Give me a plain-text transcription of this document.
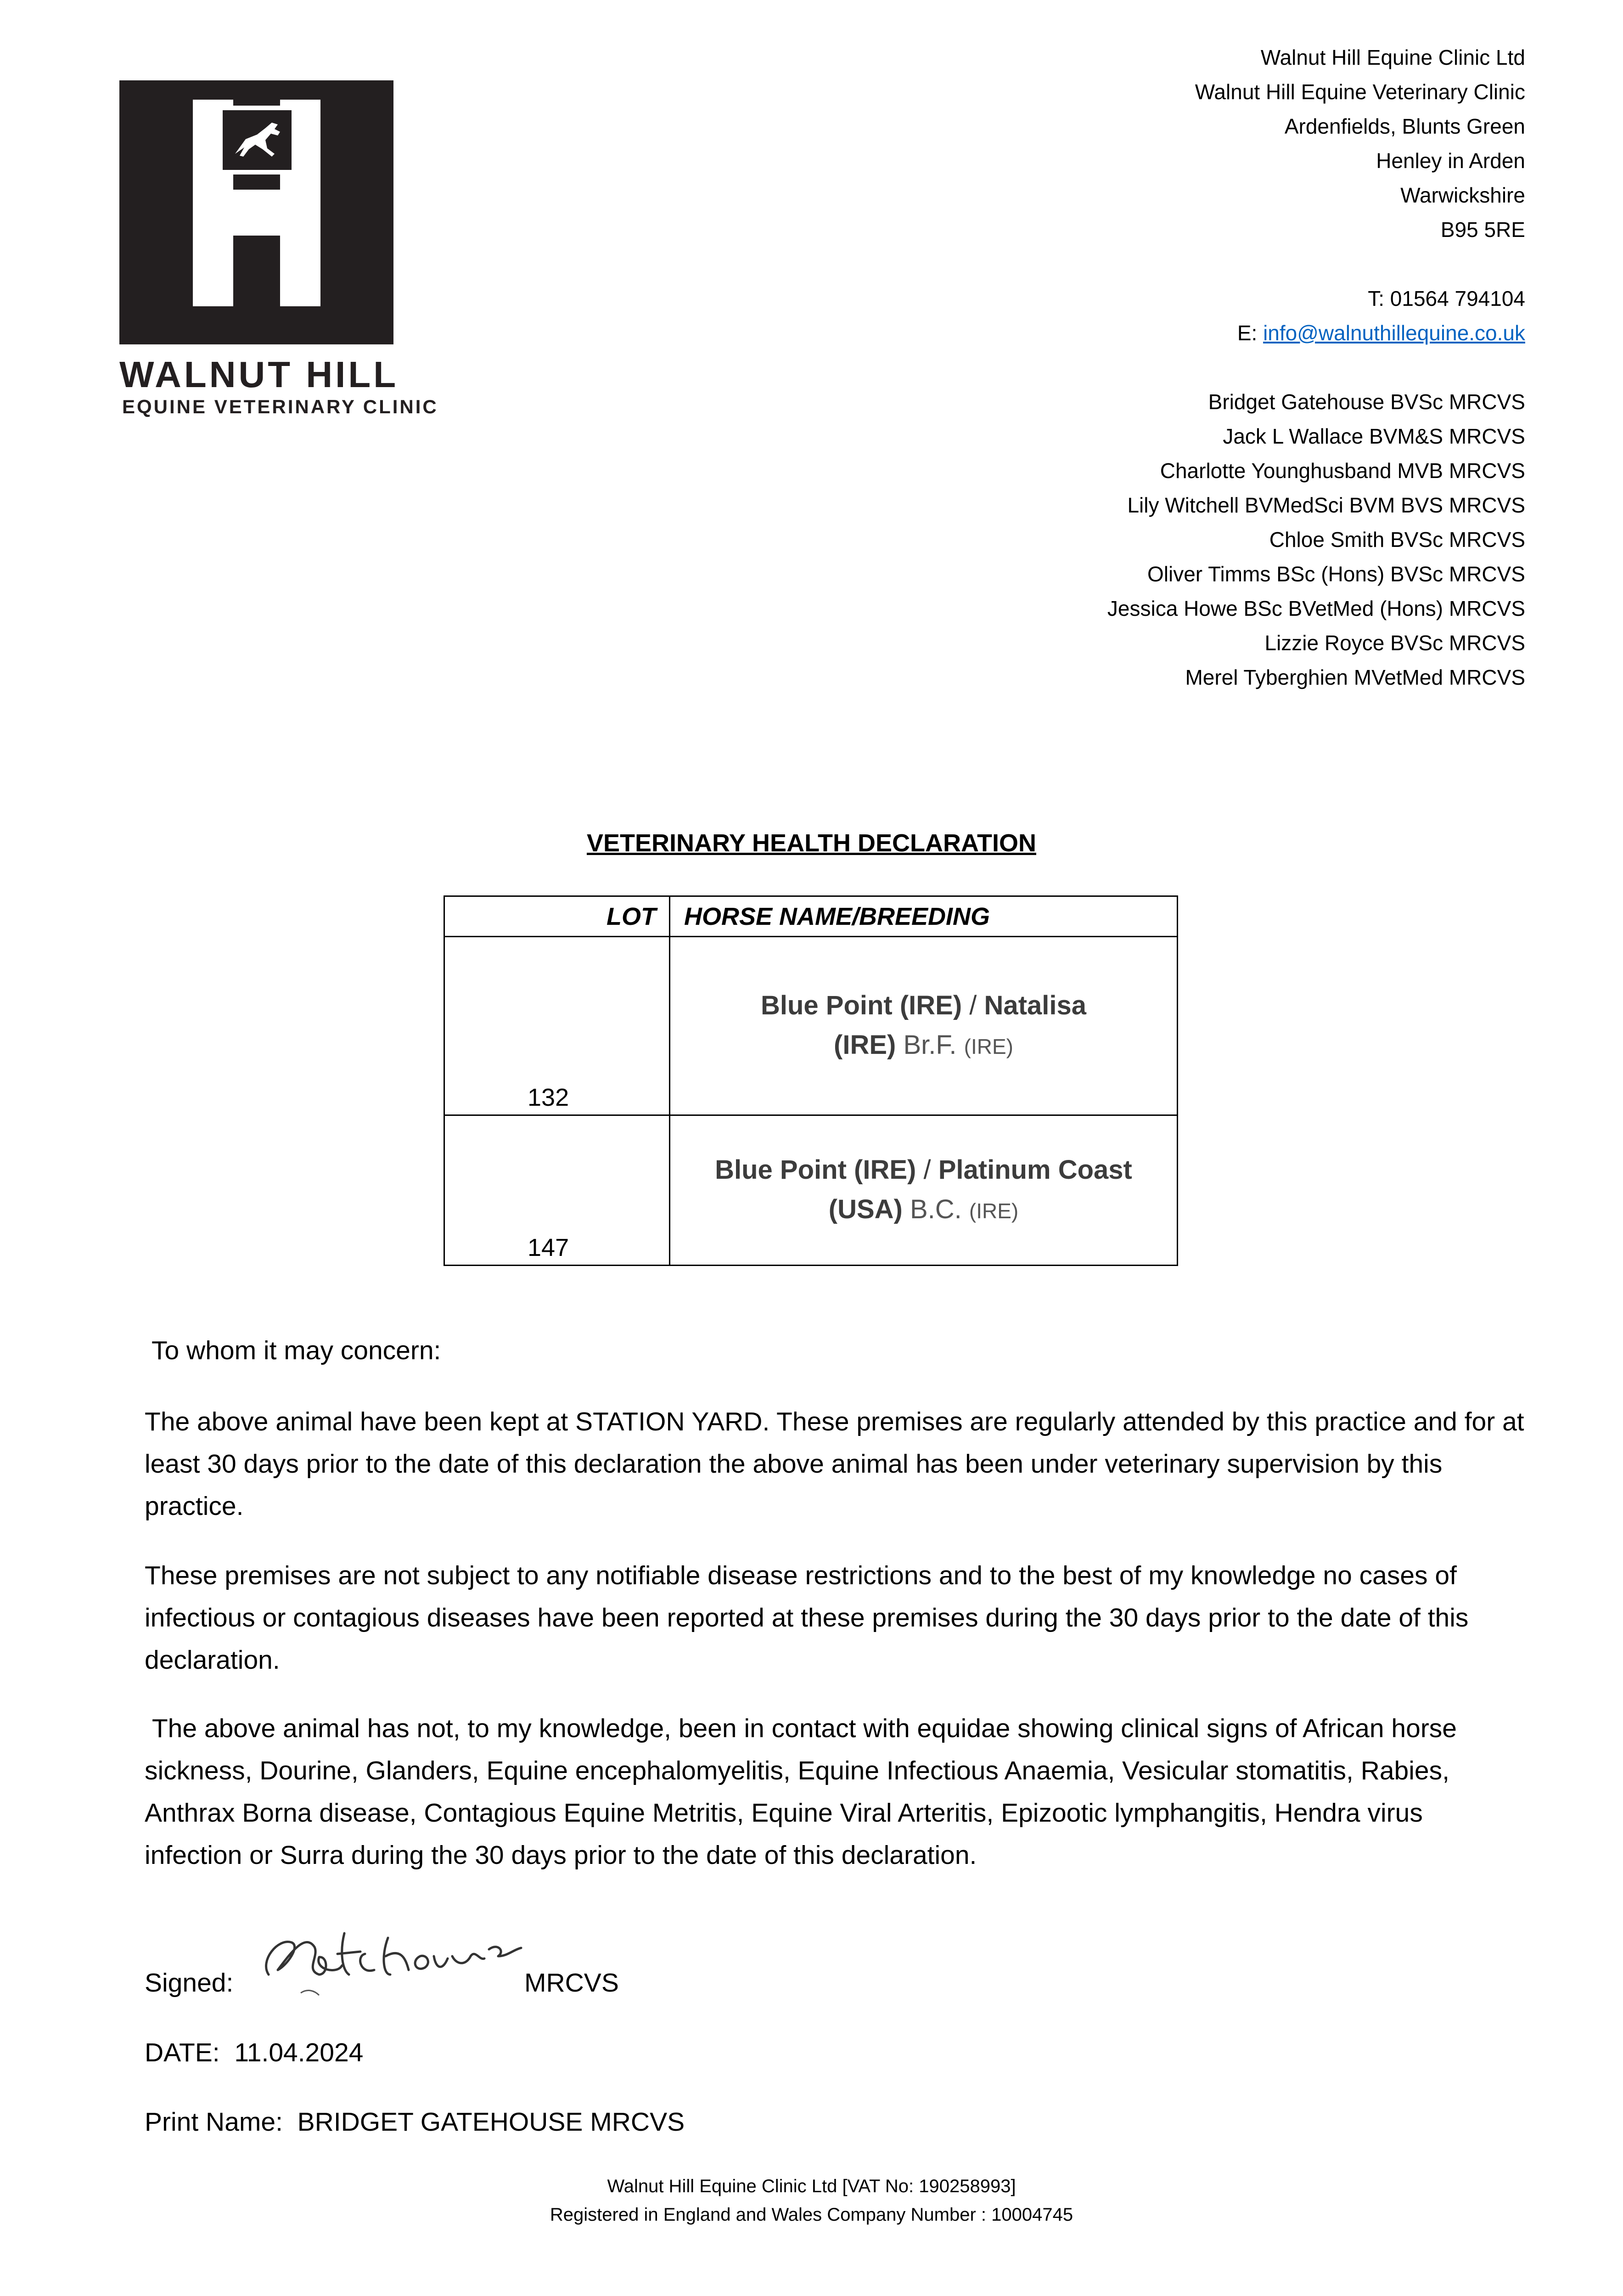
WALNUT HILL
EQUINE VETERINARY CLINIC
Walnut Hill Equine Clinic Ltd
Walnut Hill Equine Veterinary Clinic
Ardenfields, Blunts Green
Henley in Arden
Warwickshire
B95 5RE
T: 01564 794104
E: info@walnuthillequine.co.uk
Bridget Gatehouse BVSc MRCVS
Jack L Wallace BVM&S MRCVS
Charlotte Younghusband MVB MRCVS
Lily Witchell BVMedSci BVM BVS MRCVS
Chloe Smith BVSc MRCVS
Oliver Timms BSc (Hons) BVSc MRCVS
Jessica Howe BSc BVetMed (Hons) MRCVS
Lizzie Royce BVSc MRCVS
Merel Tyberghien MVetMed MRCVS
VETERINARY HEALTH DECLARATION
LOT	HORSE NAME/BREEDING
132	Blue Point (IRE) / Natalisa
(IRE) Br.F. (IRE)
147	Blue Point (IRE) / Platinum Coast
(USA) B.C. (IRE)
To whom it may concern:
The above animal have been kept at STATION YARD. These premises are regularly attended by this practice and for at least 30 days prior to the date of this declaration the above animal has been under veterinary supervision by this practice.
These premises are not subject to any notifiable disease restrictions and to the best of my knowledge no cases of infectious or contagious diseases have been reported at these premises during the 30 days prior to the date of this declaration.
The above animal has not, to my knowledge, been in contact with equidae showing clinical signs of African horse sickness, Dourine, Glanders, Equine encephalomyelitis, Equine Infectious Anaemia, Vesicular stomatitis, Rabies, Anthrax Borna disease, Contagious Equine Metritis, Equine Viral Arteritis, Epizootic lymphangitis, Hendra virus infection or Surra during the 30 days prior to the date of this declaration.
Signed:	MRCVS
DATE: 11.04.2024
Print Name: BRIDGET GATEHOUSE MRCVS
Walnut Hill Equine Clinic Ltd [VAT No: 190258993]
Registered in England and Wales Company Number : 10004745
